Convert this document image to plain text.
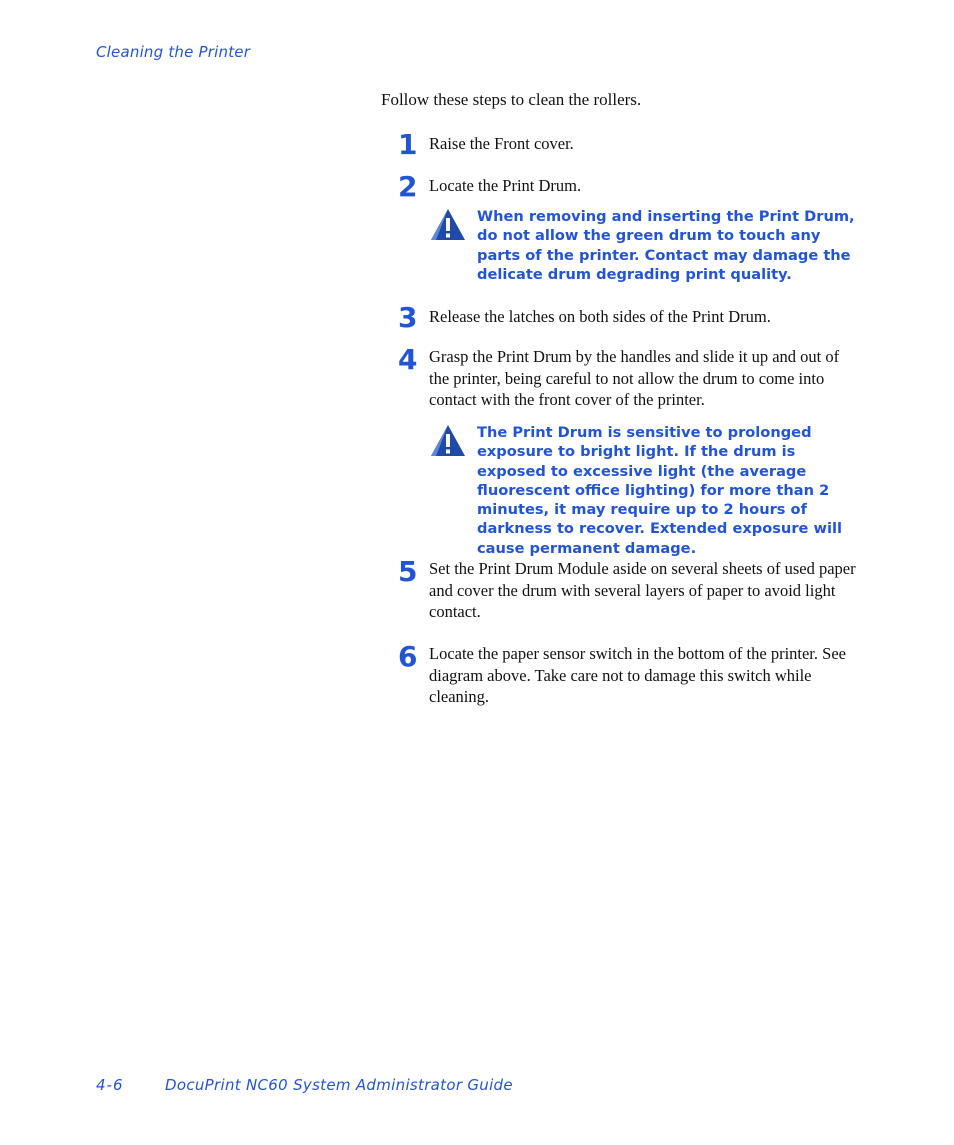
Cleaning the Printer
Follow these steps to clean the rollers.
1 Raise the Front cover.
2 Locate the Print Drum.
When removing and inserting the Print Drum, do not allow the green drum to touch any parts of the printer. Contact may damage the delicate drum degrading print quality.
3 Release the latches on both sides of the Print Drum.
4 Grasp the Print Drum by the handles and slide it up and out of the printer, being careful to not allow the drum to come into contact with the front cover of the printer.
The Print Drum is sensitive to prolonged exposure to bright light. If the drum is exposed to excessive light (the average fluorescent office lighting) for more than 2 minutes, it may require up to 2 hours of darkness to recover. Extended exposure will cause permanent damage.
5 Set the Print Drum Module aside on several sheets of used paper and cover the drum with several layers of paper to avoid light contact.
6 Locate the paper sensor switch in the bottom of the printer. See diagram above. Take care not to damage this switch while cleaning.
4-6	DocuPrint NC60 System Administrator Guide
